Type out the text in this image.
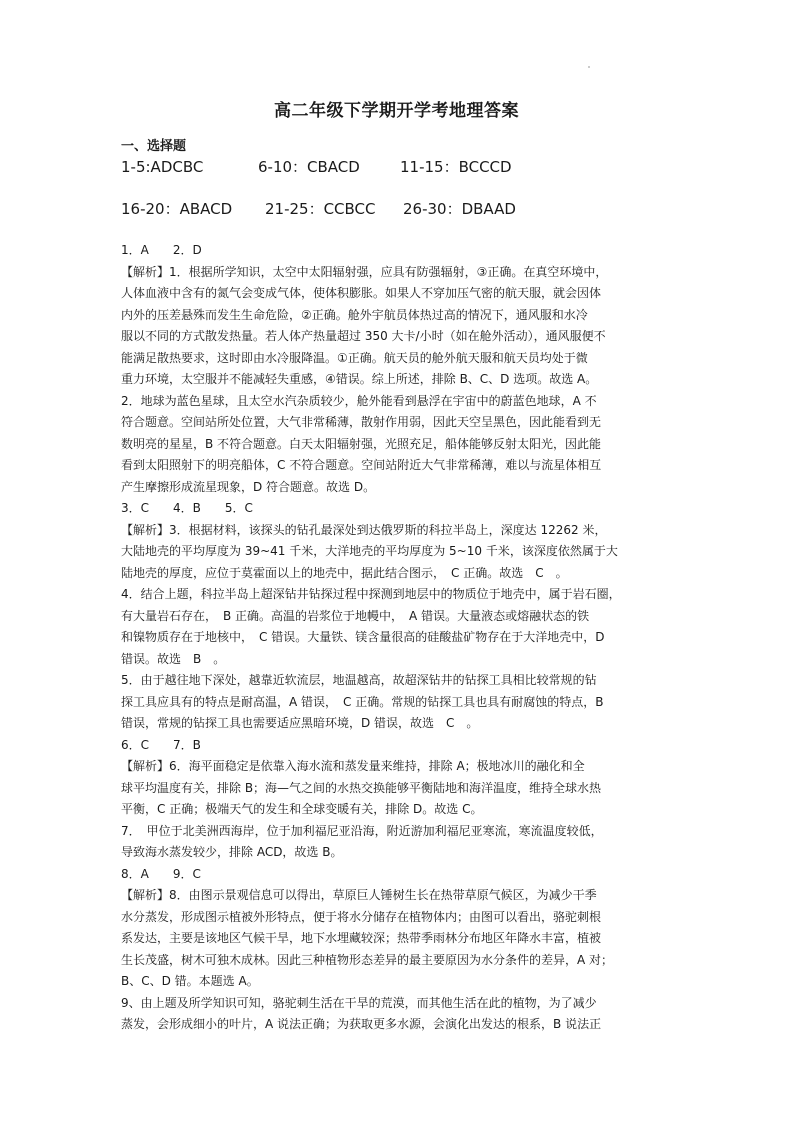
高二年级下学期开学考地理答案
一、选择题
1-5:ADCBC	6-10：CBACD	11-15：BCCCD
16-20：ABACD 21-25：CCBCC 26-30：DBAAD

1．A　　2．D

【解析】1．根据所学知识，太空中太阳辐射强，应具有防强辐射，③正确。在真空环境中，

人体血液中含有的氮气会变成气体，使体积膨胀。如果人不穿加压气密的航天服，就会因体

内外的压差悬殊而发生生命危险，②正确。舱外宇航员体热过高的情况下，通风服和水冷

服以不同的方式散发热量。若人体产热量超过 350 大卡/小时（如在舱外活动），通风服便不

能满足散热要求，这时即由水冷服降温。①正确。航天员的舱外航天服和航天员均处于微

重力环境，太空服并不能减轻失重感，④错误。综上所述，排除 B、C、D 选项。故选 A。

2．地球为蓝色星球，且太空水汽杂质较少，舱外能看到悬浮在宇宙中的蔚蓝色地球，A 不

符合题意。空间站所处位置，大气非常稀薄，散射作用弱，因此天空呈黑色，因此能看到无

数明亮的星星，B 不符合题意。白天太阳辐射强，光照充足，船体能够反射太阳光，因此能

看到太阳照射下的明亮船体，C 不符合题意。空间站附近大气非常稀薄，难以与流星体相互

产生摩擦形成流星现象，D 符合题意。故选 D。

3．C　　4．B　　5．C

【解析】3．根据材料，该探头的钻孔最深处到达俄罗斯的科拉半岛上，深度达 12262 米，

大陆地壳的平均厚度为 39~41 千米，大洋地壳的平均厚度为 5~10 千米，该深度依然属于大

陆地壳的厚度，应位于莫霍面以上的地壳中，据此结合图示，　C 正确。故选　C　。

4．结合上题，科拉半岛上超深钻井钻探过程中探测到地层中的物质位于地壳中，属于岩石圈，

有大量岩石存在，　B 正确。高温的岩浆位于地幔中，　A 错误。大量液态或熔融状态的铁

和镍物质存在于地核中，　C 错误。大量铁、镁含量很高的硅酸盐矿物存在于大洋地壳中，D

错误。故选　B　。

5．由于越往地下深处，越靠近软流层，地温越高，故超深钻井的钻探工具相比较常规的钻

探工具应具有的特点是耐高温，A 错误，　C 正确。常规的钻探工具也具有耐腐蚀的特点，B

错误，常规的钻探工具也需要适应黑暗环境，D 错误，故选　C　。

6．C　　7．B

【解析】6．海平面稳定是依靠入海水流和蒸发量来维持，排除 A；极地冰川的融化和全

球平均温度有关，排除 B；海—气之间的水热交换能够平衡陆地和海洋温度，维持全球水热

平衡，C 正确；极端天气的发生和全球变暖有关，排除 D。故选 C。

7．　甲位于北美洲西海岸，位于加利福尼亚沿海，附近游加利福尼亚寒流，寒流温度较低，

导致海水蒸发较少，排除 ACD，故选 B。

8．A　　9．C

【解析】8．由图示景观信息可以得出，草原巨人锤树生长在热带草原气候区，为减少干季

水分蒸发，形成图示植被外形特点，便于将水分储存在植物体内；由图可以看出，骆驼刺根

系发达，主要是该地区气候干旱，地下水埋藏较深；热带季雨林分布地区年降水丰富，植被

生长茂盛，树木可独木成林。因此三种植物形态差异的最主要原因为水分条件的差异，A 对；

B、C、D 错。本题选 A。

9、由上题及所学知识可知，骆驼刺生活在干旱的荒漠，而其他生活在此的植物，为了减少

蒸发，会形成细小的叶片，A 说法正确；为获取更多水源，会演化出发达的根系，B 说法正
